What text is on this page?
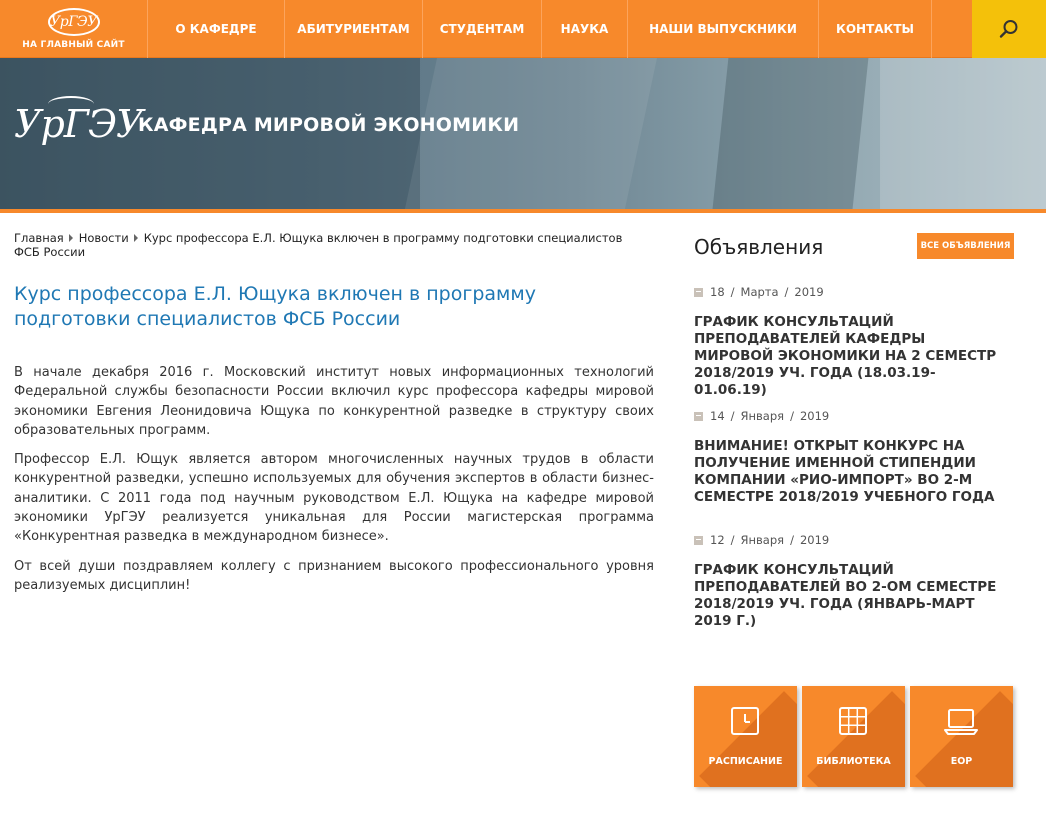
УрГЭУ
НА ГЛАВНЫЙ САЙТ
О КАФЕДРЕ	АБИТУРИЕНТАМ	СТУДЕНТАМ	НАУКА	НАШИ ВЫПУСКНИКИ	КОНТАКТЫ
УрГЭУ
КАФЕДРА МИРОВОЙ ЭКОНОМИКИ
Главная Новости Курс профессора Е.Л. Ющука включен в программу подготовки специалистов ФСБ России
Курс профессора Е.Л. Ющука включен в программу подготовки специалистов ФСБ России

В начале декабря 2016 г. Московский институт новых информационных технологий Федеральной службы безопасности России включил курс профессора кафедры мировой экономики Евгения Леонидовича Ющука по конкурентной разведке в структуру своих образовательных программ.

Профессор Е.Л. Ющук является автором многочисленных научных трудов в области конкурентной разведки, успешно используемых для обучения экспертов в области бизнес-аналитики. С 2011 года под научным руководством Е.Л. Ющука на кафедре мировой экономики УрГЭУ реализуется уникальная для России магистерская программа «Конкурентная разведка в международном бизнесе».

От всей души поздравляем коллегу с признанием высокого профессионального уровня реализуемых дисциплин!

Объявления	ВСЕ ОБЪЯВЛЕНИЯ
18 / Марта / 2019
ГРАФИК КОНСУЛЬТАЦИЙ ПРЕПОДАВАТЕЛЕЙ КАФЕДРЫ МИРОВОЙ ЭКОНОМИКИ НА 2 СЕМЕСТР 2018/2019 УЧ. ГОДА (18.03.19-01.06.19)
14 / Января / 2019
ВНИМАНИЕ! ОТКРЫТ КОНКУРС НА ПОЛУЧЕНИЕ ИМЕННОЙ СТИПЕНДИИ КОМПАНИИ «РИО-ИМПОРТ» ВО 2-М СЕМЕСТРЕ 2018/2019 УЧЕБНОГО ГОДА
12 / Января / 2019
ГРАФИК КОНСУЛЬТАЦИЙ ПРЕПОДАВАТЕЛЕЙ ВО 2-ОМ СЕМЕСТРЕ 2018/2019 УЧ. ГОДА (ЯНВАРЬ-МАРТ 2019 Г.)
РАСПИСАНИЕ	БИБЛИОТЕКА	ЕОР
